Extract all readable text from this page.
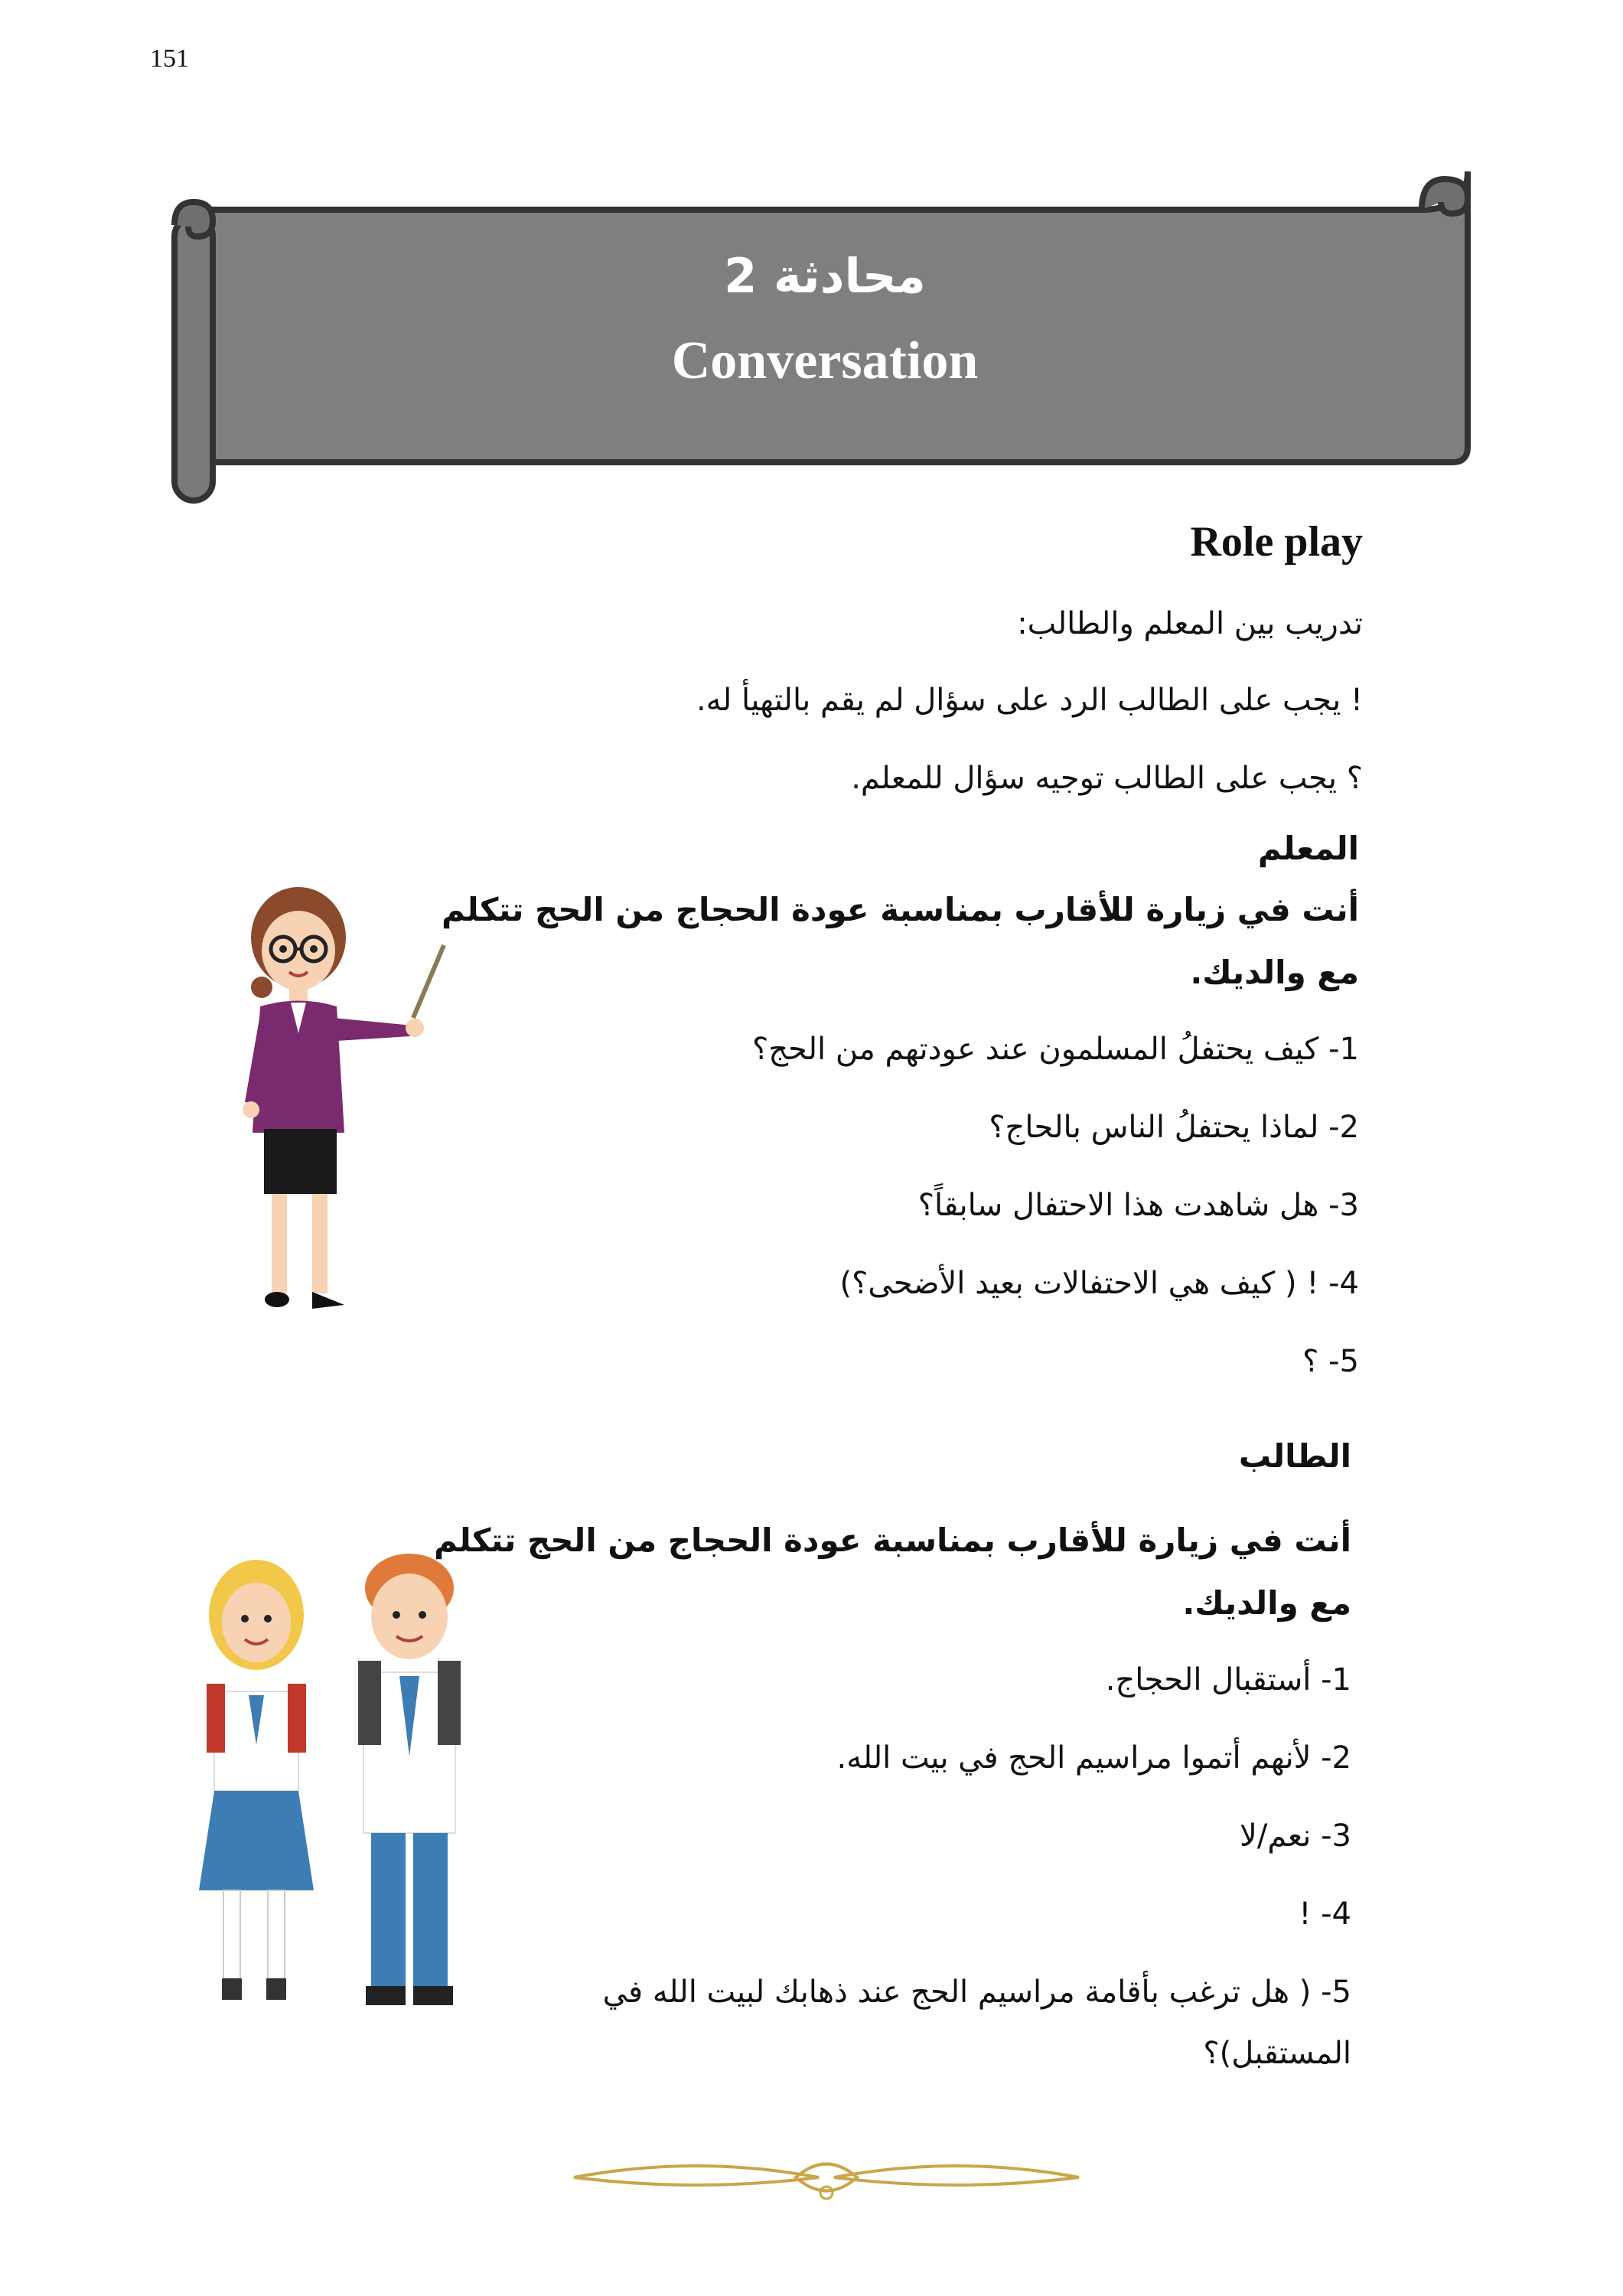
151
محادثة 2
Conversation
Role play
تدريب بين المعلم والطالب:
! يجب على الطالب الرد على سؤال لم يقم بالتهيأ له.
؟ يجب على الطالب توجيه سؤال للمعلم.
المعلم
أنت في زيارة للأقارب بمناسبة عودة الحجاج من الحج تتكلم
مع والديك.
1- كيف يحتفلُ المسلمون عند عودتهم من الحج؟
2- لماذا يحتفلُ الناس بالحاج؟
3- هل شاهدت هذا الاحتفال سابقاً؟
4- ! ( كيف هي الاحتفالات بعيد الأضحى؟)
5- ؟
الطالب
أنت في زيارة للأقارب بمناسبة عودة الحجاج من الحج تتكلم
مع والديك.
1- أستقبال الحجاج.
2- لأنهم أتموا مراسيم الحج في بيت الله.
3- نعم/لا
4- !
5- ( هل ترغب بأقامة مراسيم الحج عند ذهابك لبيت الله في
المستقبل)؟
